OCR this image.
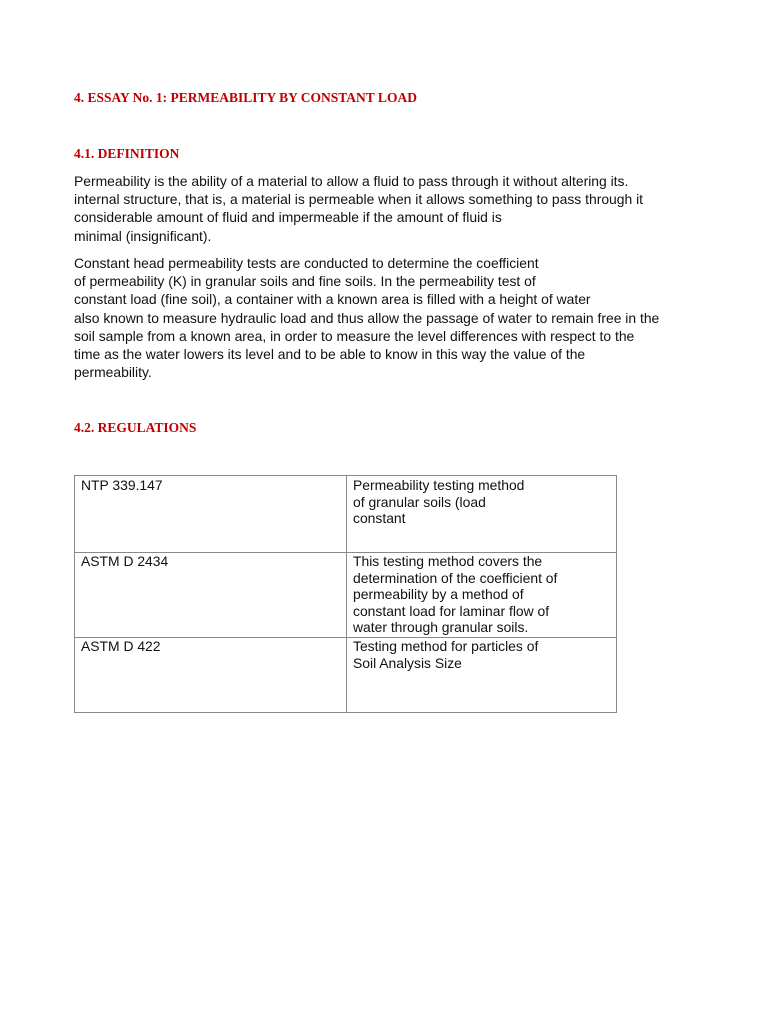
4. ESSAY No. 1: PERMEABILITY BY CONSTANT LOAD
4.1. DEFINITION

Permeability is the ability of a material to allow a fluid to pass through it without altering its.
internal structure, that is, a material is permeable when it allows something to pass through it
considerable amount of fluid and impermeable if the amount of fluid is
minimal (insignificant).

Constant head permeability tests are conducted to determine the coefficient
of permeability (K) in granular soils and fine soils. In the permeability test of
constant load (fine soil), a container with a known area is filled with a height of water
also known to measure hydraulic load and thus allow the passage of water to remain free in the
soil sample from a known area, in order to measure the level differences with respect to the
time as the water lowers its level and to be able to know in this way the value of the
permeability.

4.2. REGULATIONS
NTP 339.147	Permeability testing method
of granular soils (load
constant

ASTM D 2434	This testing method covers the
determination of the coefficient of
permeability by a method of
constant load for laminar flow of
water through granular soils.

ASTM D 422	Testing method for particles of
Soil Analysis Size
